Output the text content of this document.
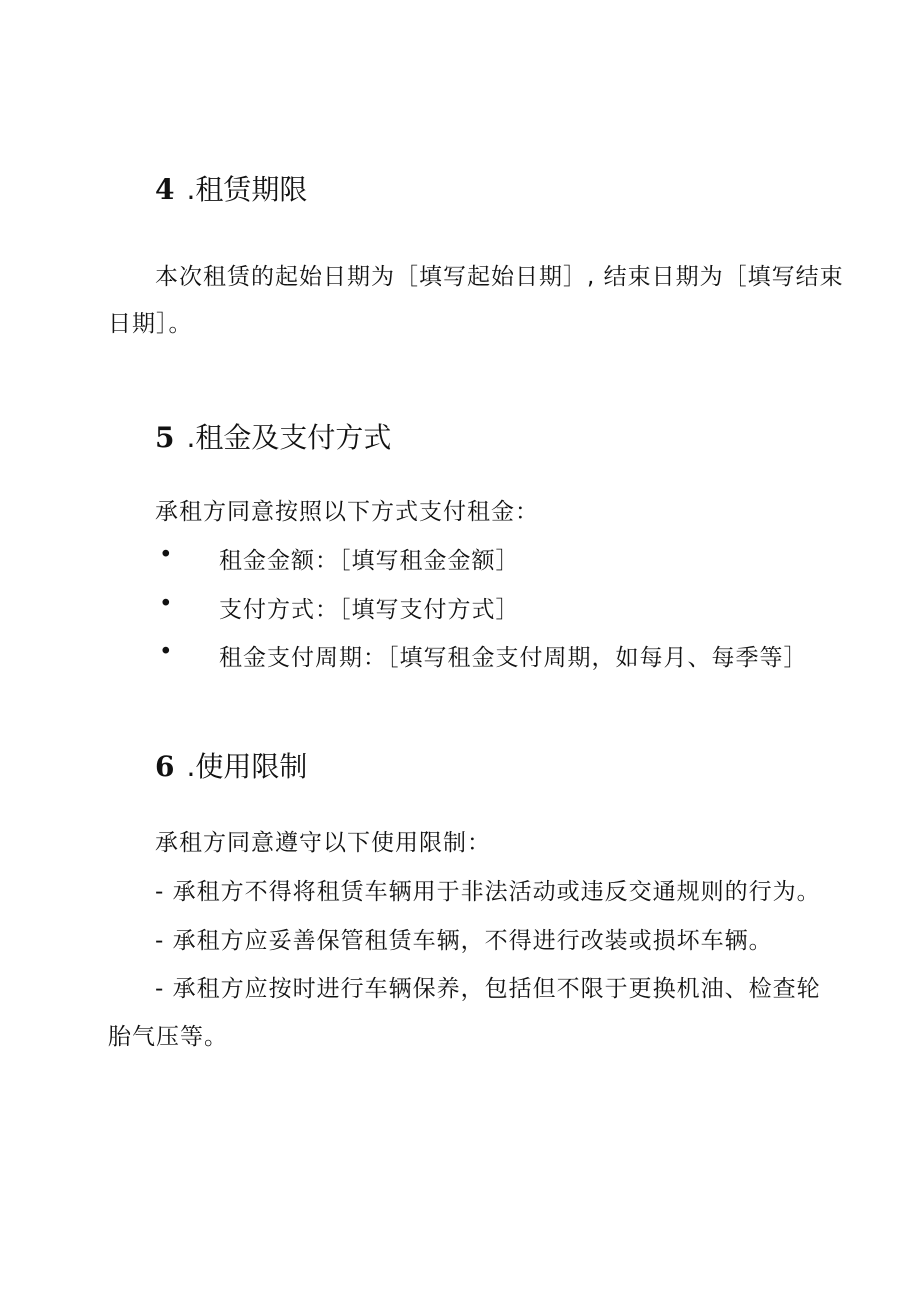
4 .租赁期限

本次租赁的起始日期为［填写起始日期］, 结束日期为［填写结束

日期］。

5 .租金及支付方式

承租方同意按照以下方式支付租金：

• 租金金额：［填写租金金额］
• 支付方式：［填写支付方式］
• 租金支付周期：［填写租金支付周期，如每月、每季等］
6 .使用限制

承租方同意遵守以下使用限制：

- 承租方不得将租赁车辆用于非法活动或违反交通规则的行为。

- 承租方应妥善保管租赁车辆，不得进行改装或损坏车辆。

- 承租方应按时进行车辆保养，包括但不限于更换机油、检查轮

胎气压等。
